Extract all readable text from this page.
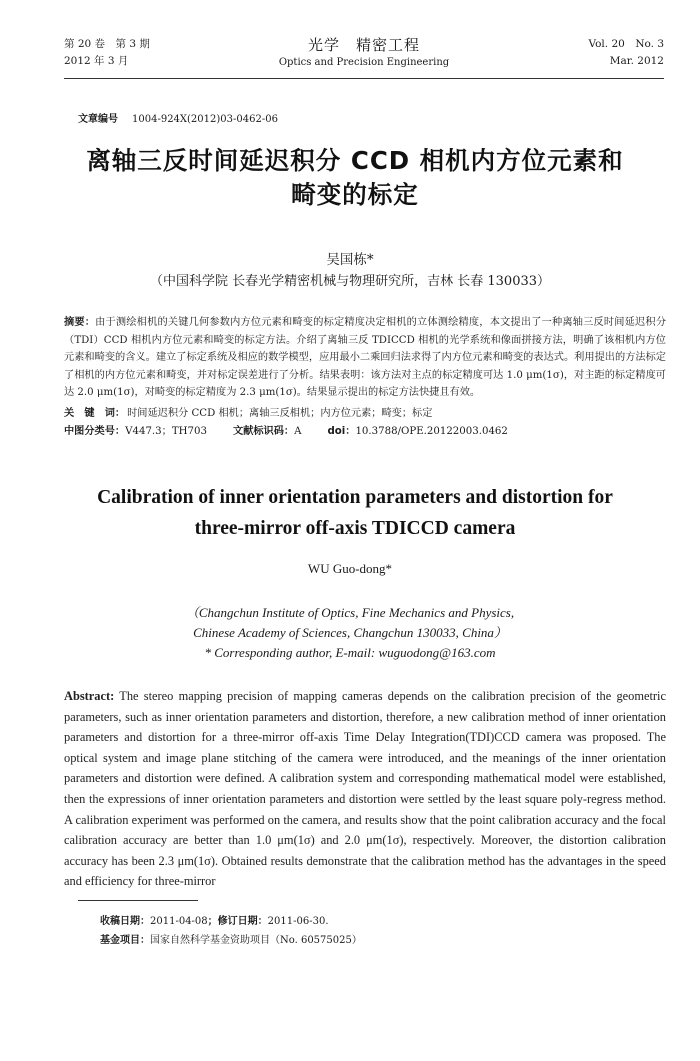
第 20 卷　第 3 期
2012 年 3 月
光学　精密工程
Optics and Precision Engineering
Vol. 20　No. 3
Mar. 2012
文章编号 1004-924X(2012)03-0462-06
离轴三反时间延迟积分 CCD 相机内方位元素和
畸变的标定
吴国栋*
（中国科学院 长春光学精密机械与物理研究所，吉林 长春 130033）
摘要：由于测绘相机的关键几何参数内方位元素和畸变的标定精度决定相机的立体测绘精度，本文提出了一种离轴三反时间延迟积分（TDI）CCD 相机内方位元素和畸变的标定方法。介绍了离轴三反 TDICCD 相机的光学系统和像面拼接方法，明确了该相机内方位元素和畸变的含义。建立了标定系统及相应的数学模型，应用最小二乘回归法求得了内方位元素和畸变的表达式。利用提出的方法标定了相机的内方位元素和畸变，并对标定误差进行了分析。结果表明：该方法对主点的标定精度可达 1.0 μm(1σ)，对主距的标定精度可达 2.0 μm(1σ)，对畸变的标定精度为 2.3 μm(1σ)。结果显示提出的标定方法快捷且有效。
关　键　词： 时间延迟积分 CCD 相机；离轴三反相机；内方位元素；畸变；标定
中图分类号：V447.3；TH703	文献标识码：A	doi：10.3788/OPE.20122003.0462
Calibration of inner orientation parameters and distortion for
three-mirror off-axis TDICCD camera
WU Guo-dong*
（Changchun Institute of Optics, Fine Mechanics and Physics,
Chinese Academy of Sciences, Changchun 130033, China）
* Corresponding author, E-mail: wuguodong@163.com
Abstract: The stereo mapping precision of mapping cameras depends on the calibration precision of the geometric parameters, such as inner orientation parameters and distortion, therefore, a new calibration method of inner orientation parameters and distortion for a three-mirror off-axis Time Delay Integration(TDI)CCD camera was proposed. The optical system and image plane stitching of the camera were introduced, and the meanings of the inner orientation parameters and distortion were defined. A calibration system and corresponding mathematical model were established, then the expressions of inner orientation parameters and distortion were settled by the least square poly-regress method. A calibration experiment was performed on the camera, and results show that the point calibration accuracy and the focal calibration accuracy are better than 1.0 μm(1σ) and 2.0 μm(1σ), respectively. Moreover, the distortion calibration accuracy has been 2.3 μm(1σ). Obtained results demonstrate that the calibration method has the advantages in the speed and efficiency for three-mirror
收稿日期：2011-04-08；修订日期：2011-06-30.
基金项目：国家自然科学基金资助项目（No. 60575025）
